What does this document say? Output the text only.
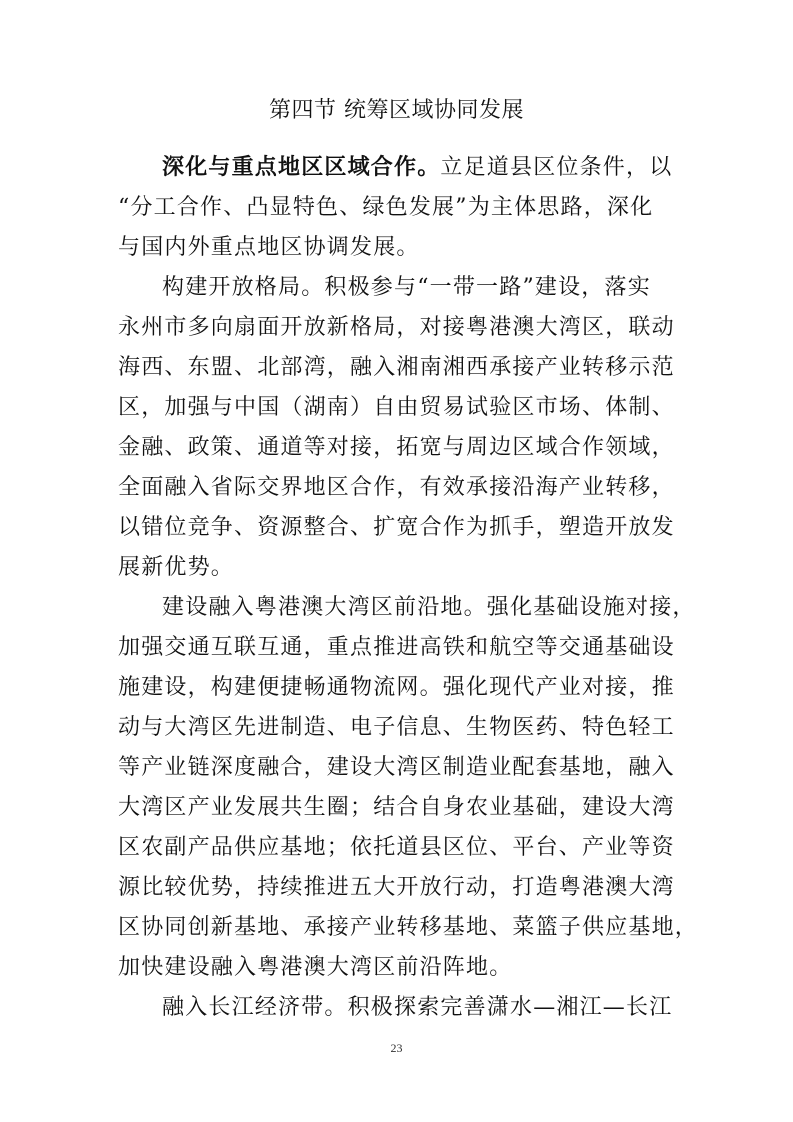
第四节 统筹区域协同发展
深化与重点地区区域合作。立足道县区位条件，以
“分工合作、凸显特色、绿色发展”为主体思路，深化
与国内外重点地区协调发展。
构建开放格局。积极参与“一带一路”建设，落实
永州市多向扇面开放新格局，对接粤港澳大湾区，联动
海西、东盟、北部湾，融入湘南湘西承接产业转移示范
区，加强与中国（湖南）自由贸易试验区市场、体制、
金融、政策、通道等对接，拓宽与周边区域合作领域，
全面融入省际交界地区合作，有效承接沿海产业转移，
以错位竞争、资源整合、扩宽合作为抓手，塑造开放发
展新优势。
建设融入粤港澳大湾区前沿地。强化基础设施对接，
加强交通互联互通，重点推进高铁和航空等交通基础设
施建设，构建便捷畅通物流网。强化现代产业对接，推
动与大湾区先进制造、电子信息、生物医药、特色轻工
等产业链深度融合，建设大湾区制造业配套基地，融入
大湾区产业发展共生圈；结合自身农业基础，建设大湾
区农副产品供应基地；依托道县区位、平台、产业等资
源比较优势，持续推进五大开放行动，打造粤港澳大湾
区协同创新基地、承接产业转移基地、菜篮子供应基地，
加快建设融入粤港澳大湾区前沿阵地。
融入长江经济带。积极探索完善潇水—湘江—长江
23
